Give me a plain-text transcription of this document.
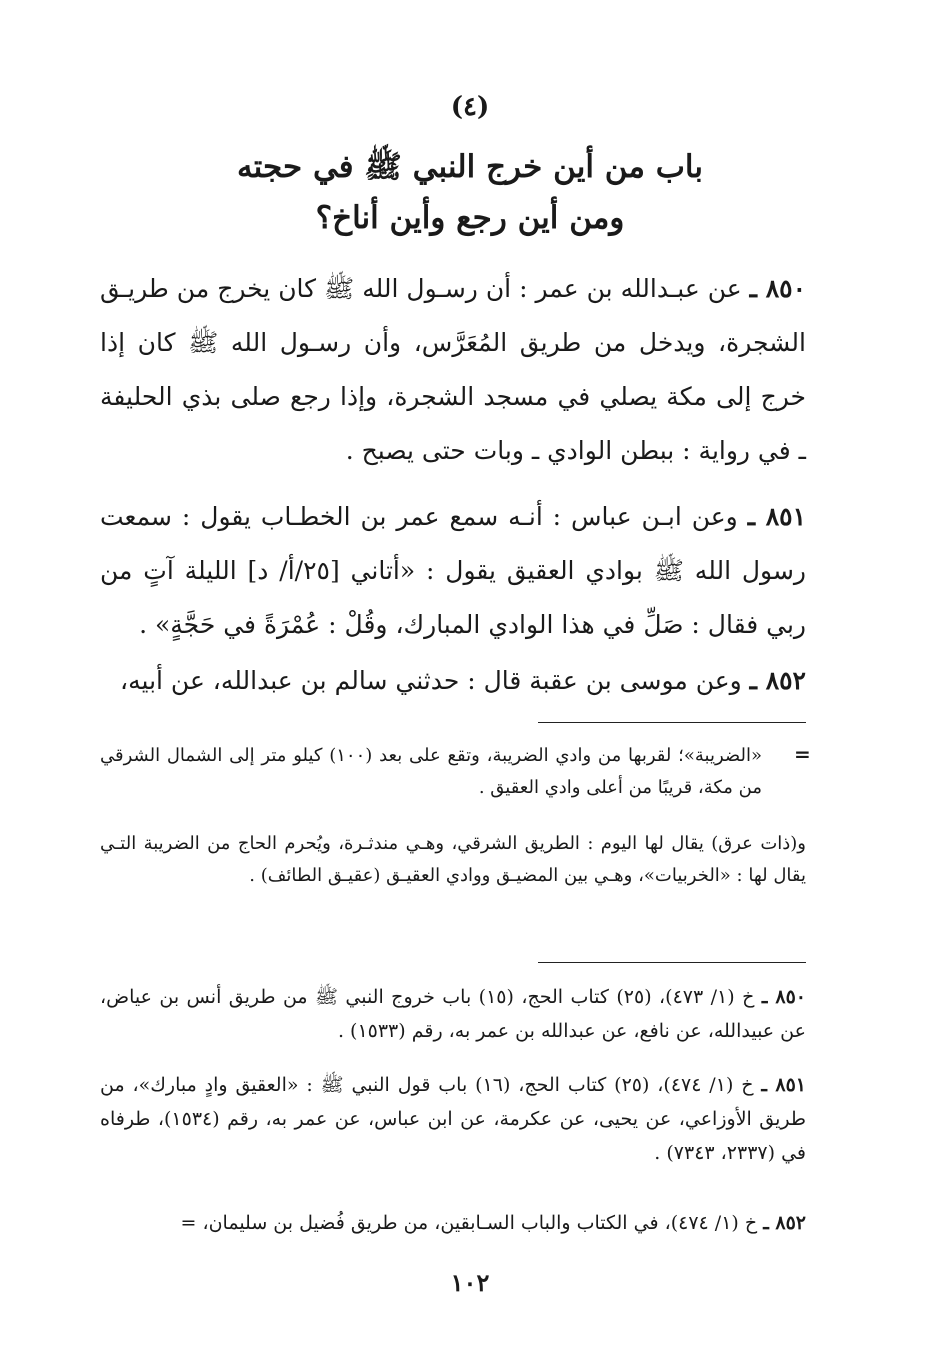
(٤)
باب من أين خرج النبي ﷺ في حجته
ومن أين رجع وأين أناخ؟
٨٥٠ ـ عن عبـدالله بن عمر : أن رسـول الله ﷺ كان يخرج من طريـق الشجرة، ويدخل من طريق المُعَرَّس، وأن رسـول الله ﷺ كان إذا خرج إلى مكة يصلي في مسجد الشجرة، وإذا رجع صلى بذي الحليفة ـ في رواية : ببطن الوادي ـ وبات حتى يصبح .
٨٥١ ـ وعن ابـن عباس : أنـه سمع عمر بن الخطـاب يقول : سمعت رسول الله ﷺ بوادي العقيق يقول : «أتاني [٢٥/أ/ د] الليلة آتٍ من ربي فقال : صَلِّ في هذا الوادي المبارك، وقُلْ : عُمْرَةً في حَجَّةٍ» .
٨٥٢ ـ وعن موسى بن عقبة قال : حدثني سالم بن عبدالله، عن أبيه،
=
«الضريبة»؛ لقربها من وادي الضريبة، وتقع على بعد (١٠٠) كيلو متر إلى الشمال الشرقي من مكة، قريبًا من أعلى وادي العقيق .
و(ذات عرق) يقال لها اليوم : الطريق الشرقي، وهـي مندثـرة، ويُحرم الحاج من الضريبة التـي يقال لها : «الخربيات»، وهـي بين المضيـق ووادي العقيـق (عقيـق الطائف) .
٨٥٠ ـ خ (١/ ٤٧٣)، (٢٥) كتاب الحج، (١٥) باب خروج النبي ﷺ من طريق أنس بن عياض، عن عبيدالله، عن نافع، عن عبدالله بن عمر به، رقم (١٥٣٣) .
٨٥١ ـ خ (١/ ٤٧٤)، (٢٥) كتاب الحج، (١٦) باب قول النبي ﷺ : «العقيق وادٍ مبارك»، من طريق الأوزاعي، عن يحيى، عن عكرمة، عن ابن عباس، عن عمر به، رقم (١٥٣٤)، طرفاه في (٢٣٣٧، ٧٣٤٣) .
٨٥٢ ـ خ (١/ ٤٧٤)، في الكتاب والباب السـابقين، من طريق فُضيل بن سليمان، =
١٠٢
